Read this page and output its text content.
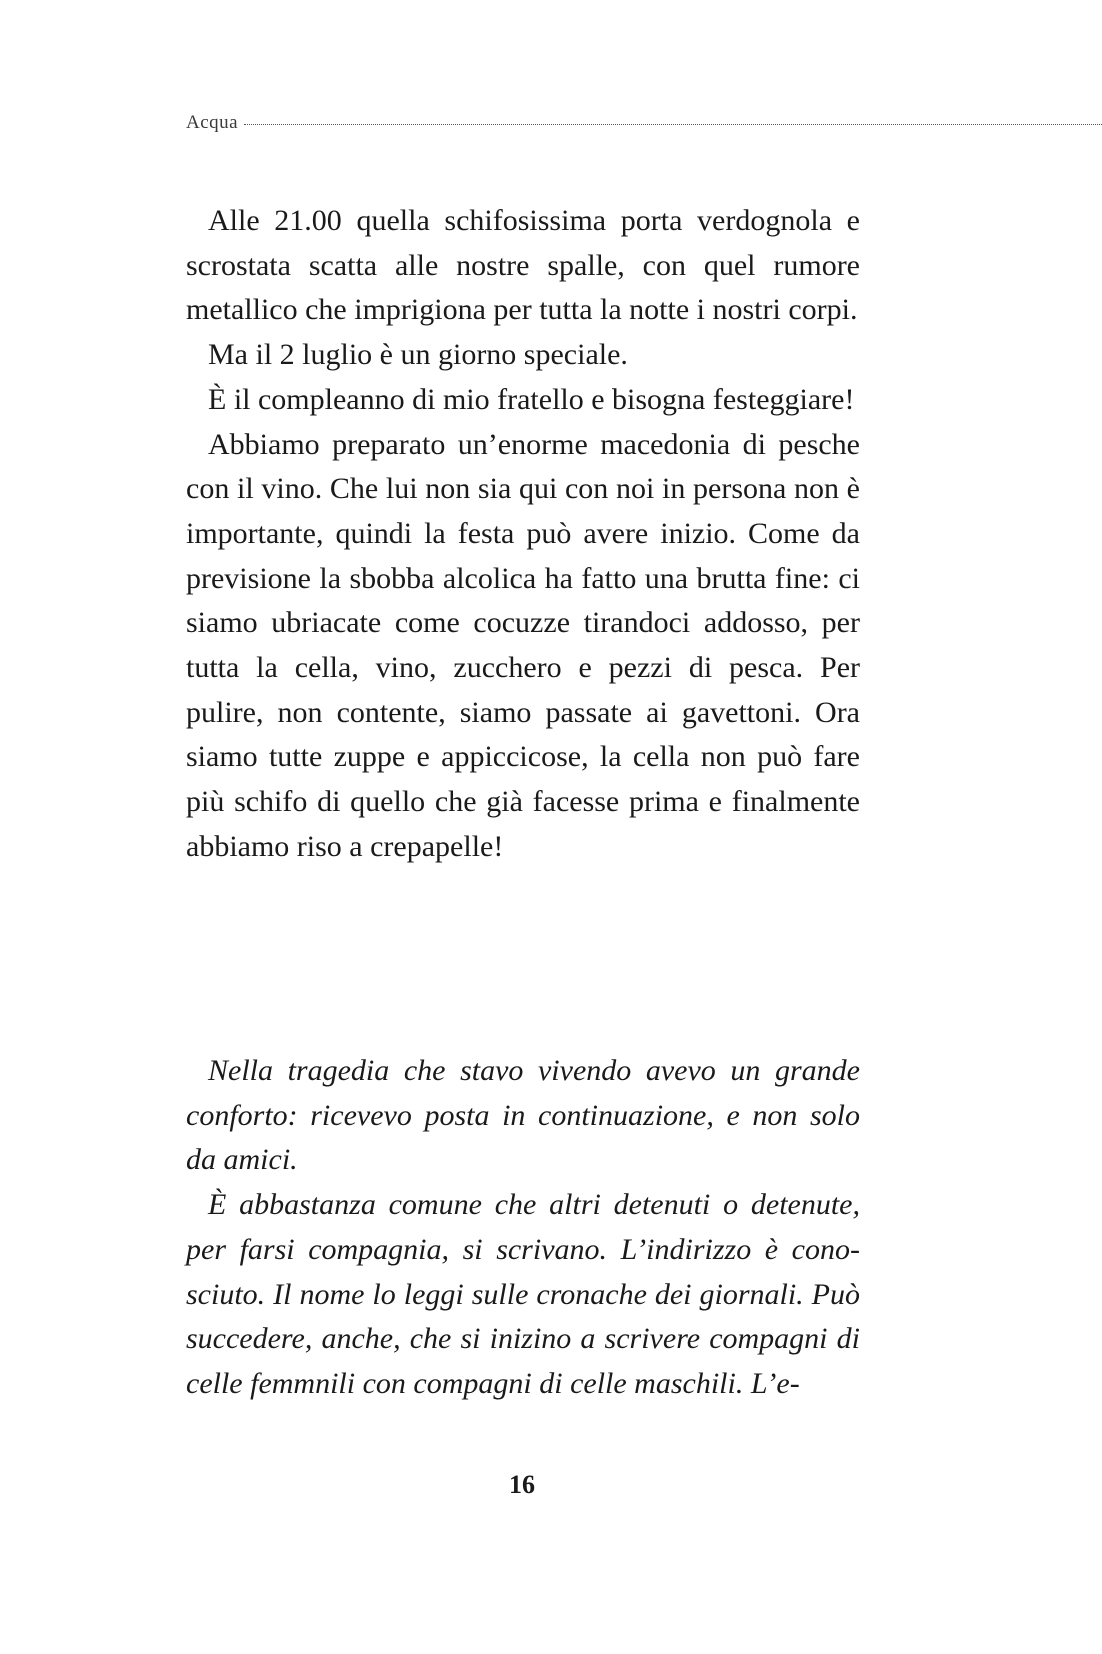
Acqua

Alle 21.00 quella schifosissima porta verdognola e scrostata scatta alle nostre spalle, con quel rumore metallico che imprigiona per tutta la notte i nostri corpi.

Ma il 2 luglio è un giorno speciale.

È il compleanno di mio fratello e bisogna festeggiare!

Abbiamo preparato un’enorme macedonia di pesche con il vino. Che lui non sia qui con noi in persona non è importante, quindi la festa può avere inizio. Come da previsione la sbobba alcolica ha fatto una brutta fine: ci siamo ubriacate come cocuzze tirandoci addosso, per tutta la cella, vino, zucchero e pezzi di pesca. Per pulire, non contente, siamo passate ai gavettoni. Ora siamo tutte zuppe e appiccicose, la cella non può fare più schifo di quello che già facesse prima e finalmente abbiamo riso a crepapelle!

Nella tragedia che stavo vivendo avevo un grande conforto: ricevevo posta in continuazione, e non solo da amici.

È abbastanza comune che altri detenuti o detenute, per farsi compagnia, si scrivano. L’indirizzo è conosciuto. Il nome lo leggi sulle cronache dei giornali. Può succedere, anche, che si inizino a scrivere compagni di celle femmnili con compagni di celle maschili. L’e-

16
